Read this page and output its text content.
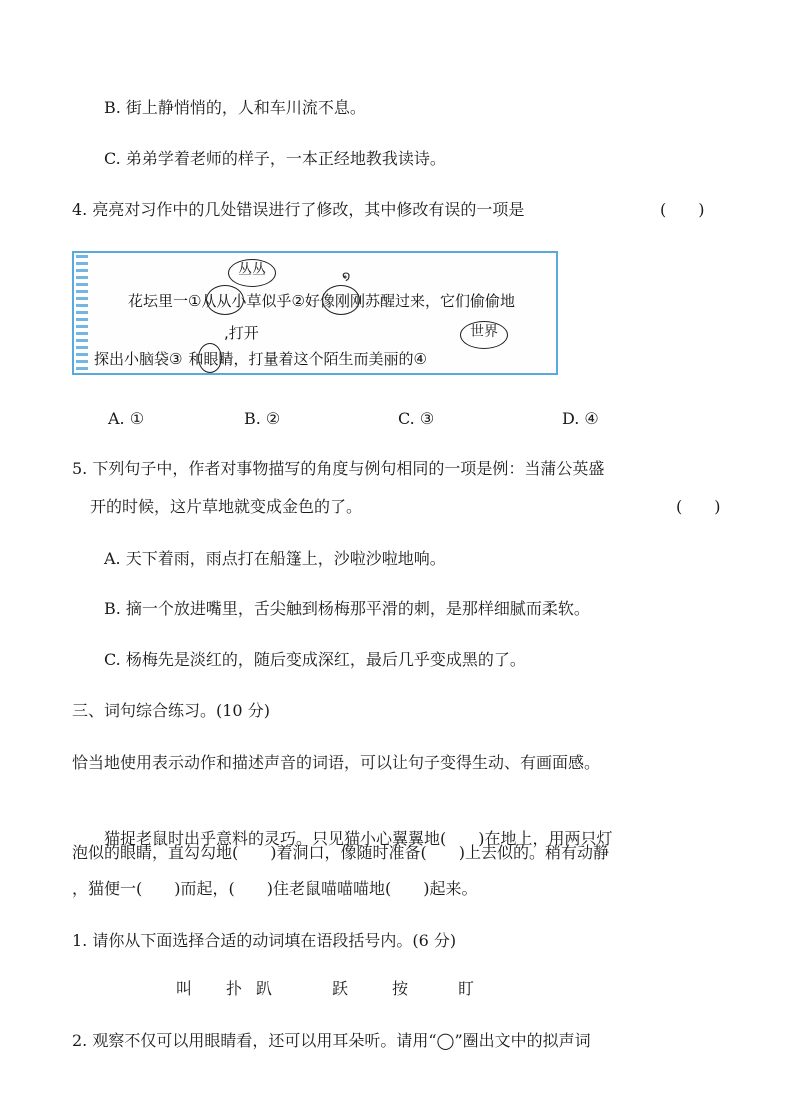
B. 街上静悄悄的，人和车川流不息。
C. 弟弟学着老师的样子，一本正经地教我读诗。
4. 亮亮对习作中的几处错误进行了修改，其中修改有误的一项是	(　　)
丛丛	໑
花坛里一①从从小草似乎②好像刚刚苏醒过来，它们偷偷地
,打开	世界
探出小脑袋③ 和眼睛，打量着这个陌生而美丽的④
A. ①	B. ②	C. ③	D. ④
5. 下列句子中，作者对事物描写的角度与例句相同的一项是例：当蒲公英盛
开的时候，这片草地就变成金色的了。	(　　)
A. 天下着雨，雨点打在船篷上，沙啦沙啦地响。
B. 摘一个放进嘴里，舌尖触到杨梅那平滑的刺，是那样细腻而柔软。
C. 杨梅先是淡红的，随后变成深红，最后几乎变成黑的了。
三、词句综合练习。(10 分)
恰当地使用表示动作和描述声音的词语，可以让句子变得生动、有画面感。
猫捉老鼠时出乎意料的灵巧。只见猫小心翼翼地(　　)在地上，用两只灯
泡似的眼睛，直勾勾地(　　)着洞口，像随时准备(　　)上去似的。稍有动静
，猫便一(　　)而起，(　　)住老鼠喵喵喵地(　　)起来。
1. 请你从下面选择合适的动词填在语段括号内。(6 分)
叫 扑 趴	跃	按	盯
2. 观察不仅可以用眼睛看，还可以用耳朵听。请用“◯”圈出文中的拟声词
